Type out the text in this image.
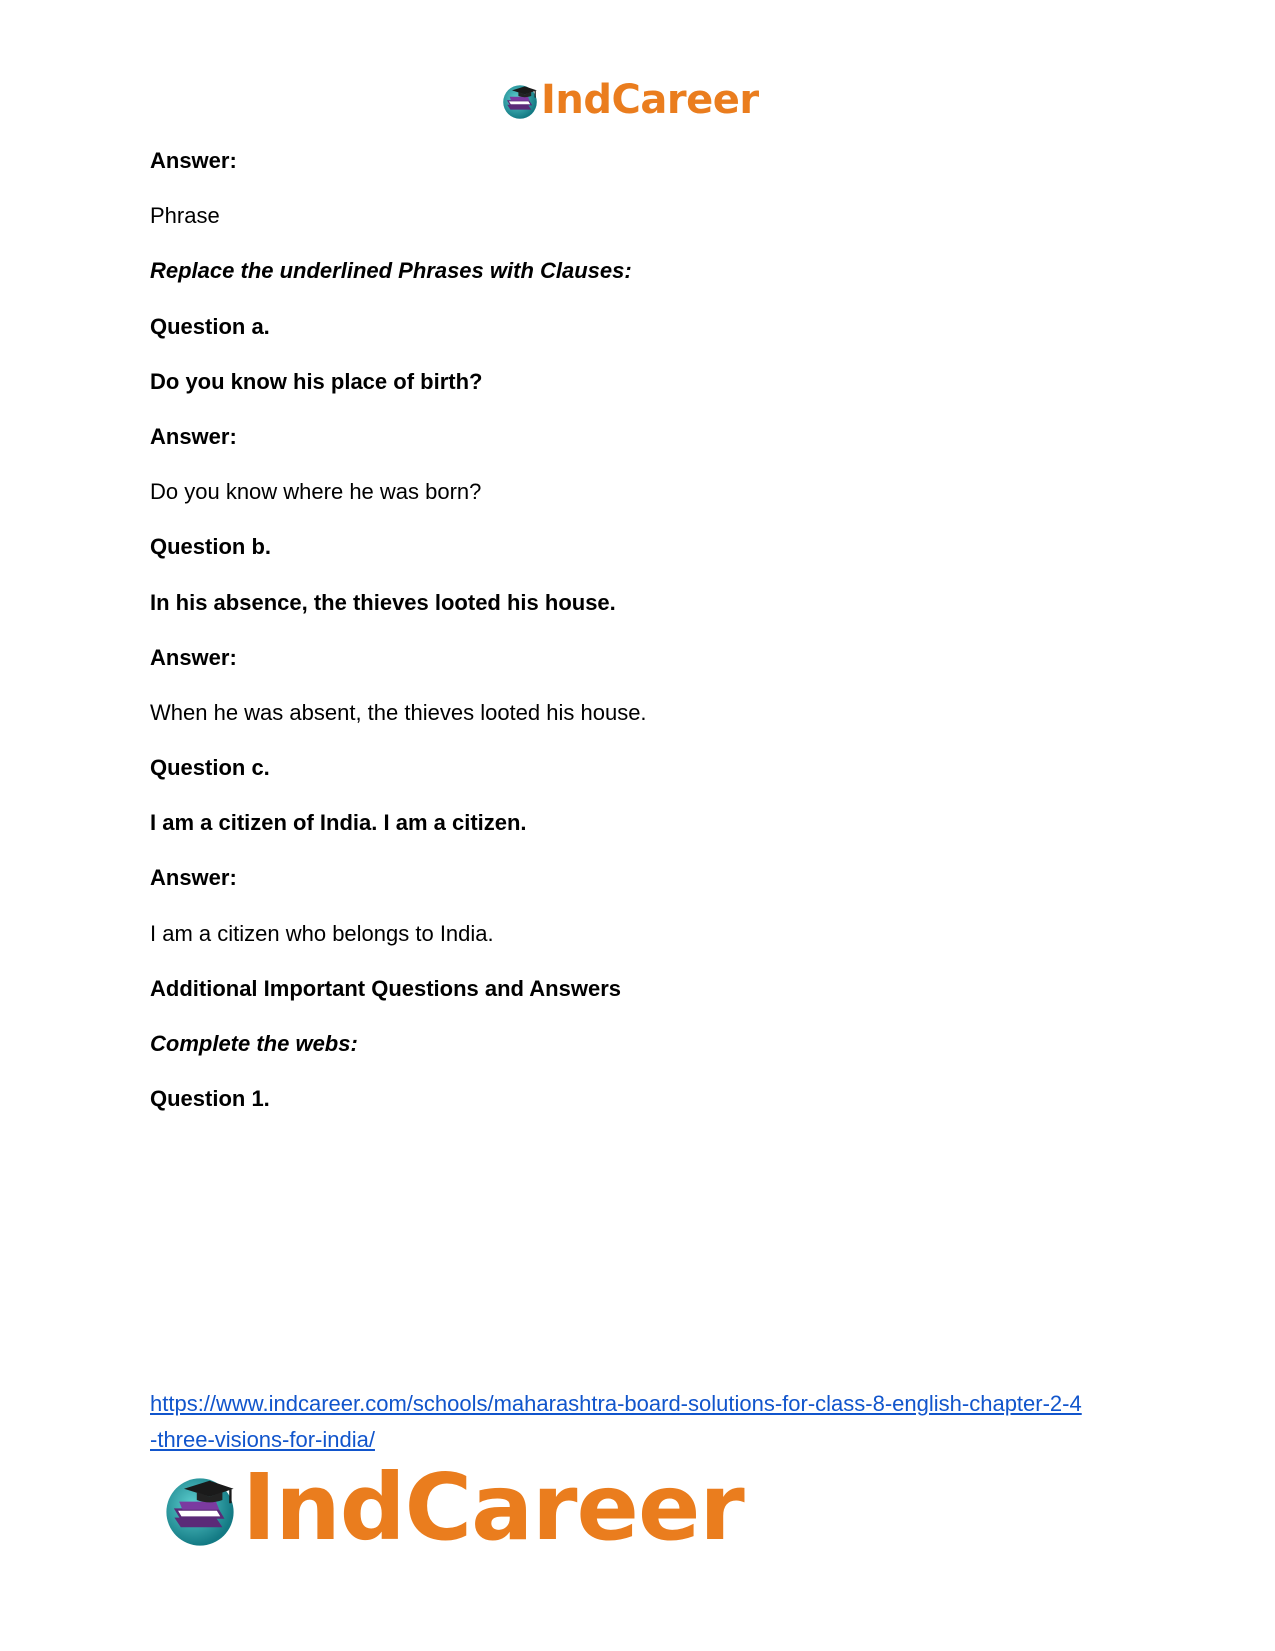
IndCareer
Answer:
Phrase
Replace the underlined Phrases with Clauses:
Question a.
Do you know his place of birth?
Answer:
Do you know where he was born?
Question b.
In his absence, the thieves looted his house.
Answer:
When he was absent, the thieves looted his house.
Question c.
I am a citizen of India. I am a citizen.
Answer:
I am a citizen who belongs to India.
Additional Important Questions and Answers
Complete the webs:
Question 1.
https://www.indcareer.com/schools/maharashtra-board-solutions-for-class-8-english-chapter-2-4
-three-visions-for-india/
IndCareer
